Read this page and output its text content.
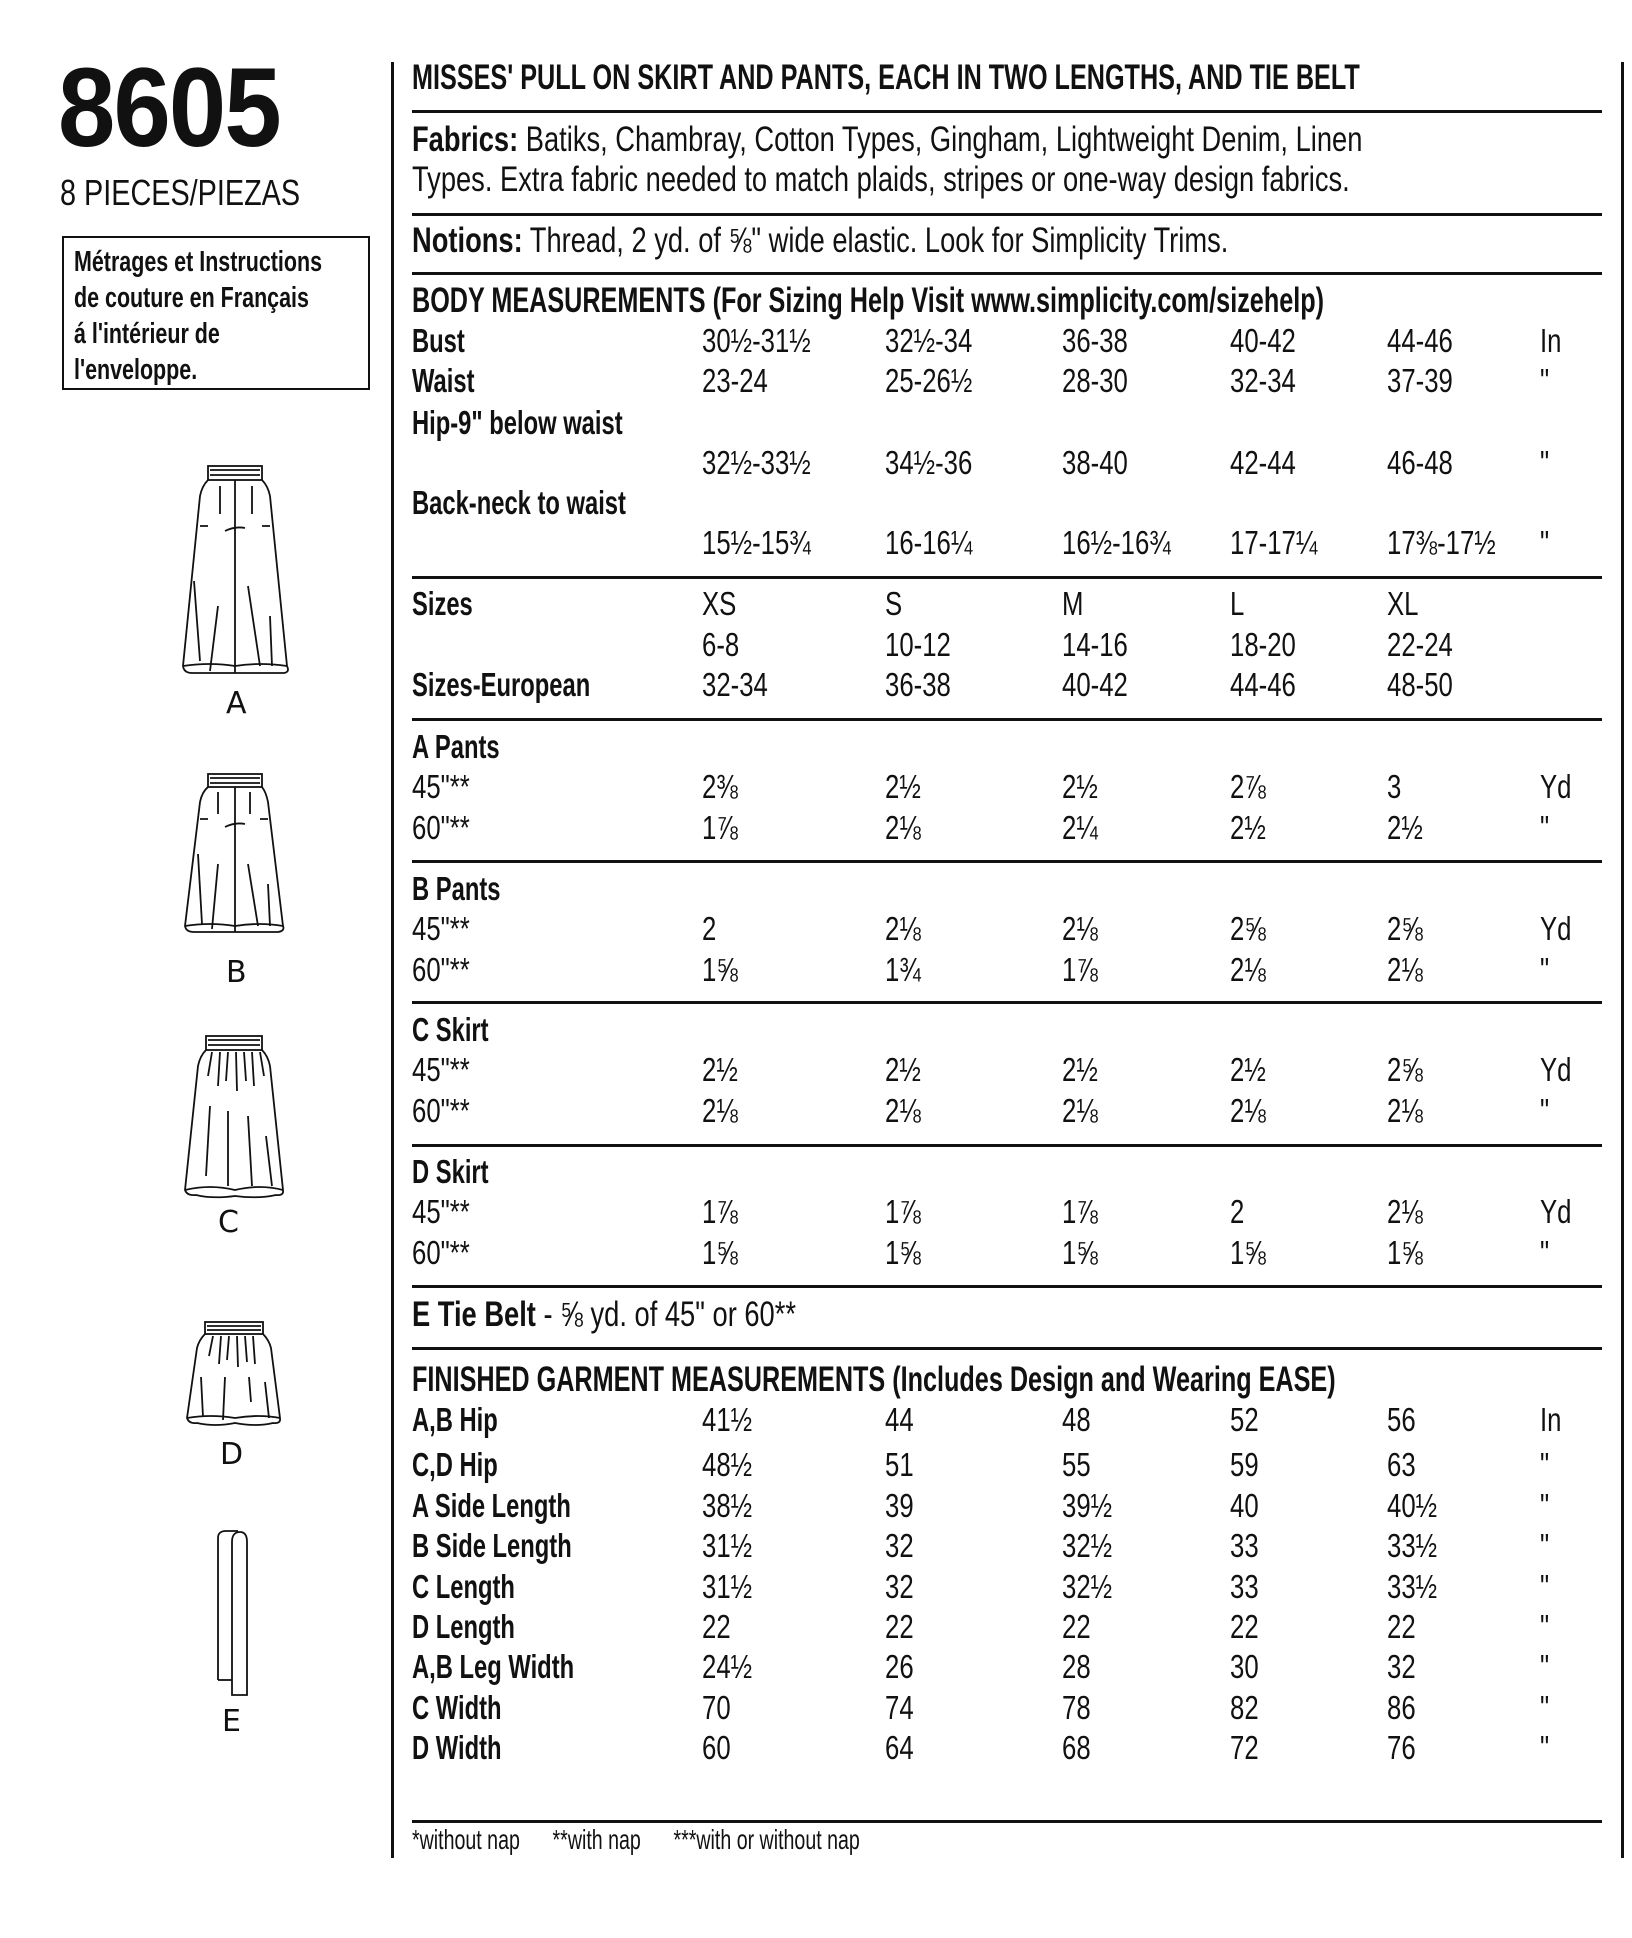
8605
8 PIECES/PIEZAS
Métrages et Instructions
de couture en Français
á l'intérieur de
l'enveloppe.
A
B
C
D
E
MISSES' PULL ON SKIRT AND PANTS, EACH IN TWO LENGTHS, AND TIE BELT
Fabrics: Batiks, Chambray, Cotton Types, Gingham, Lightweight Denim, Linen
Types. Extra fabric needed to match plaids, stripes or one-way design fabrics.
Notions: Thread, 2 yd. of ⅝" wide elastic. Look for Simplicity Trims.
BODY MEASUREMENTS (For Sizing Help Visit www.simplicity.com/sizehelp)
Bust	30½-31½ 32½-34	36-38	40-42	44-46	In
Waist	23-24	25-26½	28-30	32-34	37-39	"
Hip-9" below waist
32½-33½ 34½-36	38-40	42-44	46-48	"
Back-neck to waist
15½-15¾ 16-16¼	16½-16¾ 17-17¼ 17⅜-17½ "
Sizes	XS	S	M	L	XL
6-8	10-12	14-16	18-20	22-24
Sizes-European	32-34	36-38	40-42	44-46	48-50
A Pants
45"**	2⅜	2½	2½	2⅞	3	Yd
60"**	1⅞	2⅛	2¼	2½	2½	"
B Pants
45"**	2	2⅛	2⅛	2⅝	2⅝	Yd
60"**	1⅝	1¾	1⅞	2⅛	2⅛	"
C Skirt
45"**	2½	2½	2½	2½	2⅝	Yd
60"**	2⅛	2⅛	2⅛	2⅛	2⅛	"
D Skirt
45"**	1⅞	1⅞	1⅞	2	2⅛	Yd
60"**	1⅝	1⅝	1⅝	1⅝	1⅝	"
A,B Hip	41½	44	48	52	56	In
C,D Hip	48½	51	55	59	63	"
A Side Length	38½	39	39½	40	40½	"
B Side Length	31½	32	32½	33	33½	"
C Length	31½	32	32½	33	33½	"
D Length	22	22	22	22	22	"
A,B Leg Width	24½	26	28	30	32	"
C Width	70	74	78	82	86	"
D Width	60	64	68	72	76	"
E Tie Belt - ⅝ yd. of 45" or 60**
FINISHED GARMENT MEASUREMENTS (Includes Design and Wearing EASE)
*without nap **with nap ***with or without nap
